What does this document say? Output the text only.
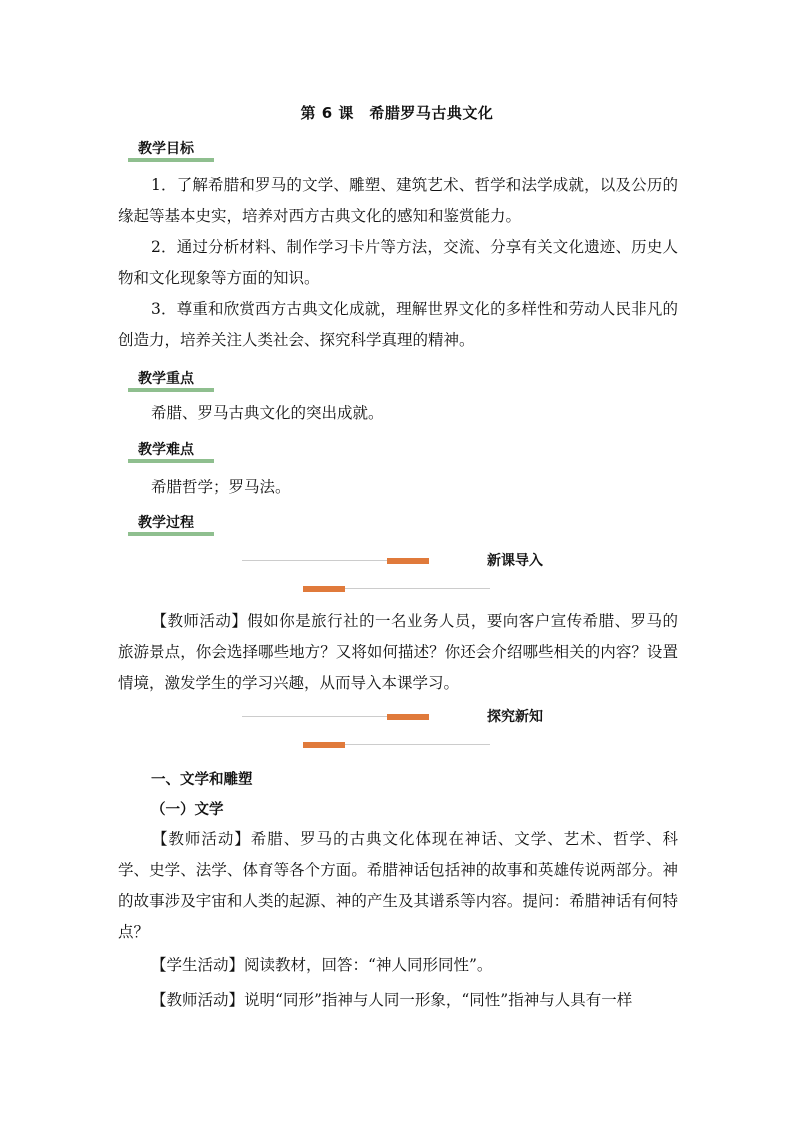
第 6 课　希腊罗马古典文化
教学目标
1．了解希腊和罗马的文学、雕塑、建筑艺术、哲学和法学成就，以及公历的缘起等基本史实，培养对西方古典文化的感知和鉴赏能力。
2．通过分析材料、制作学习卡片等方法，交流、分享有关文化遗迹、历史人物和文化现象等方面的知识。
3．尊重和欣赏西方古典文化成就，理解世界文化的多样性和劳动人民非凡的创造力，培养关注人类社会、探究科学真理的精神。
教学重点
希腊、罗马古典文化的突出成就。
教学难点
希腊哲学；罗马法。
教学过程
新课导入
【教师活动】假如你是旅行社的一名业务人员，要向客户宣传希腊、罗马的旅游景点，你会选择哪些地方？又将如何描述？你还会介绍哪些相关的内容？设置情境，激发学生的学习兴趣，从而导入本课学习。
探究新知
一、文学和雕塑
（一）文学
【教师活动】希腊、罗马的古典文化体现在神话、文学、艺术、哲学、科学、史学、法学、体育等各个方面。希腊神话包括神的故事和英雄传说两部分。神的故事涉及宇宙和人类的起源、神的产生及其谱系等内容。提问：希腊神话有何特点？
【学生活动】阅读教材，回答：“神人同形同性”。
【教师活动】说明“同形”指神与人同一形象，“同性”指神与人具有一样
